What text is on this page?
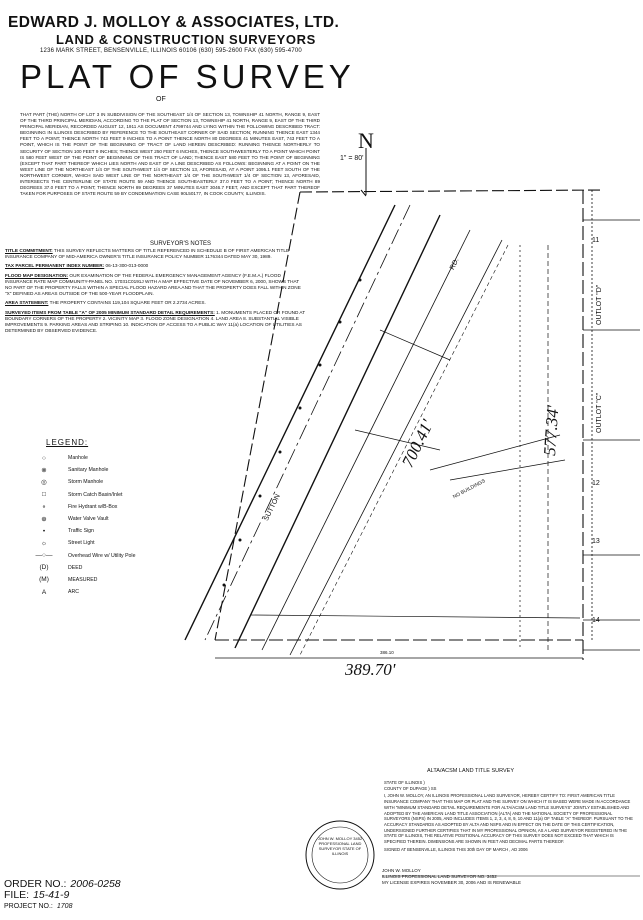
EDWARD J. MOLLOY & ASSOCIATES, LTD.
LAND & CONSTRUCTION SURVEYORS
1236 MARK STREET, BENSENVILLE, ILLINOIS 60106 (630) 595-2600 FAX (630) 595-4700
PLAT OF SURVEY
OF
THAT PART (THE) NORTH OF LOT 3 IN SUBDIVISION OF THE SOUTHEAST 1/4 OF SECTION 13, TOWNSHIP 41 NORTH, RANGE 9, EAST OF THE THIRD PRINCIPAL MERIDIAN, ACCORDING TO THE PLAT OF SECTION 13, TOWNSHIP 41 NORTH, RANGE 9, EAST OF THE THIRD PRINCIPAL MERIDIAN, RECORDED AUGUST 12, 1911 AS DOCUMENT 4799744 AND LYING WITHIN THE FOLLOWING DESCRIBED TRACT: BEGINNING IN ILLINOIS DESCRIBED BY REFERENCE TO THE SOUTHEAST CORNER OF SAID SECTION; RUNNING THENCE EAST 1344 FEET TO A POINT; THENCE NORTH 743 FEET 9 INCHES TO A POINT THENCE NORTH 80 DEGREES 41 MINUTES EAST, 743 FEET TO A POINT, WHICH IS THE POINT OF THE BEGINNING OF TRACT OF LAND HEREIN DESCRIBED: RUNNING THENCE NORTHERLY TO SECURITY OF SECTION 100 FEET 9 INCHES; THENCE WEST 250 FEET 6 INCHES, THENCE SOUTHWESTERLY TO A POINT WHICH POINT IS 580 FEET WEST OF THE POINT OF BEGINNING OF THIS TRACT OF LAND; THENCE EAST 580 FEET TO THE POINT OF BEGINNING (EXCEPT THAT PART THEREOF WHICH LIES NORTH AND EAST OF A LINE DESCRIBED AS FOLLOWS: BEGINNING AT A POINT ON THE WEST LINE OF THE NORTHEAST 1/4 OF THE SOUTHWEST 1/4 OF SECTION 13, AFORESAID, AT A POINT 1095.1 FEET SOUTH OF THE NORTHWEST CORNER, WHICH SAID WEST LINE OF THE NORTHEAST 1/4 OF THE SOUTHWEST 1/4 OF SECTION 13, AFORESAID, INTERSECTS THE CENTERLINE OF STATE ROUTE 59 AND THENCE SOUTHEASTERLY 37.0 FEET TO A POINT; THENCE NORTH 89 DEGREES 37.0 FEET TO A POINT; THENCE NORTH 89 DEGREES 37 MINUTES EAST 3046.7 FEET, AND EXCEPT THAT PART THEREOF TAKEN FOR PURPOSES OF STATE ROUTE 59 BY CONDEMNATION CASE 90L50177, IN COOK COUNTY, ILLINOIS.
N
1" = 80'
SURVEYOR'S NOTES
TITLE COMMITMENT: THIS SURVEY REFLECTS MATTERS OF TITLE REFERENCED IN SCHEDULE B OF FIRST AMERICAN TITLE INSURANCE COMPANY OF MID-AMERICA OWNER'S TITLE INSURANCE POLICY NUMBER 1176344 DATED MAY 30, 1989.
TAX PARCEL PERMANENT INDEX NUMBER: 06-13-300-013-0000
FLOOD MAP DESIGNATION: OUR EXAMINATION OF THE FEDERAL EMERGENCY MANAGEMENT AGENCY (F.E.M.A.) FLOOD INSURANCE RATE MAP COMMUNITY-PANEL NO. 17031C0191J WITH A MAP EFFECTIVE DATE OF NOVEMBER 6, 2000, SHOWS THAT NO PART OF THE PROPERTY FALLS WITHIN A SPECIAL FLOOD HAZARD AREA AND THAT THE PROPERTY DOES FALL WITHIN ZONE "X" DEFINED AS AREAS OUTSIDE OF THE 500-YEAR FLOODPLAIN.
AREA STATEMENT: THE PROPERTY CONTAINS 119,104 SQUARE FEET OR 2.2734 ACRES.
SURVEYED ITEMS FROM TABLE "A" OF 2005 MINIMUM STANDARD DETAIL REQUIREMENTS: 1. MONUMENTS PLACED OR FOUND AT BOUNDARY CORNERS OF THE PROPERTY 2. VICINITY MAP 3. FLOOD ZONE DESIGNATION 4. LAND AREA 8. SUBSTANTIAL VISIBLE IMPROVEMENTS 9. PARKING AREAS AND STRIPING 10. INDICATION OF ACCESS TO A PUBLIC WAY 11(a) LOCATION OF UTILITIES AS DETERMINED BY OBSERVED EVIDENCE.
LEGEND:
○	Manhole
⊗	Sanitary Manhole
◎	Storm Manhole
□	Storm Catch Basin/Inlet
⚬	Fire Hydrant w/B-Box
⊕	Water Valve Vault
•	Traffic Sign
☼	Street Light
—○—	Overhead Wire w/ Utility Pole
(D)	DEED
(M)	MEASURED
A	ARC
700.41'	577.34'
389.70'
SUTTON
RD.
NO BUILDINGS
OUTLOT "D"
OUTLOT "C"
11
12
13
14
386.10
ALTA/ACSM LAND TITLE SURVEY
STATE OF ILLINOIS )
COUNTY OF DUPAGE ) SS
I, JOHN W. MOLLOY, AN ILLINOIS PROFESSIONAL LAND SURVEYOR, HEREBY CERTIFY TO: FIRST AMERICAN TITLE INSURANCE COMPANY THAT THIS MAP OR PLAT AND THE SURVEY ON WHICH IT IS BASED WERE MADE IN ACCORDANCE WITH "MINIMUM STANDARD DETAIL REQUIREMENTS FOR ALTA/ACSM LAND TITLE SURVEYS" JOINTLY ESTABLISHED AND ADOPTED BY THE AMERICAN LAND TITLE ASSOCIATION (ALTA) AND THE NATIONAL SOCIETY OF PROFESSIONAL SURVEYORS (NSPS) IN 2005, AND INCLUDES ITEMS 1, 2, 3, 4, 8, 9, 10 AND 11(a) OF TABLE "A" THEREOF. PURSUANT TO THE ACCURACY STANDARDS AS ADOPTED BY ALTA AND NSPS AND IN EFFECT ON THE DATE OF THIS CERTIFICATION, UNDERSIGNED FURTHER CERTIFIES THAT IN MY PROFESSIONAL OPINION, AS A LAND SURVEYOR REGISTERED IN THE STATE OF ILLINOIS, THE RELATIVE POSITIONAL ACCURACY OF THIS SURVEY DOES NOT EXCEED THAT WHICH IS SPECIFIED THEREIN. DIMENSIONS ARE SHOWN IN FEET AND DECIMAL PARTS THEREOF.
SIGNED AT BENSENVILLE, ILLINOIS THIS 30th DAY OF MARCH , AD 2006
JOHN W. MOLLOY
ILLINOIS PROFESSIONAL LAND SURVEYOR NO. 3452
MY LICENSE EXPIRES NOVEMBER 30, 2006 AND IS RENEWABLE
JOHN W. MOLLOY 3452 PROFESSIONAL LAND SURVEYOR STATE OF ILLINOIS
ORDER NO.: 2006-0258
FILE: 15-41-9
PROJECT NO.: 1708
